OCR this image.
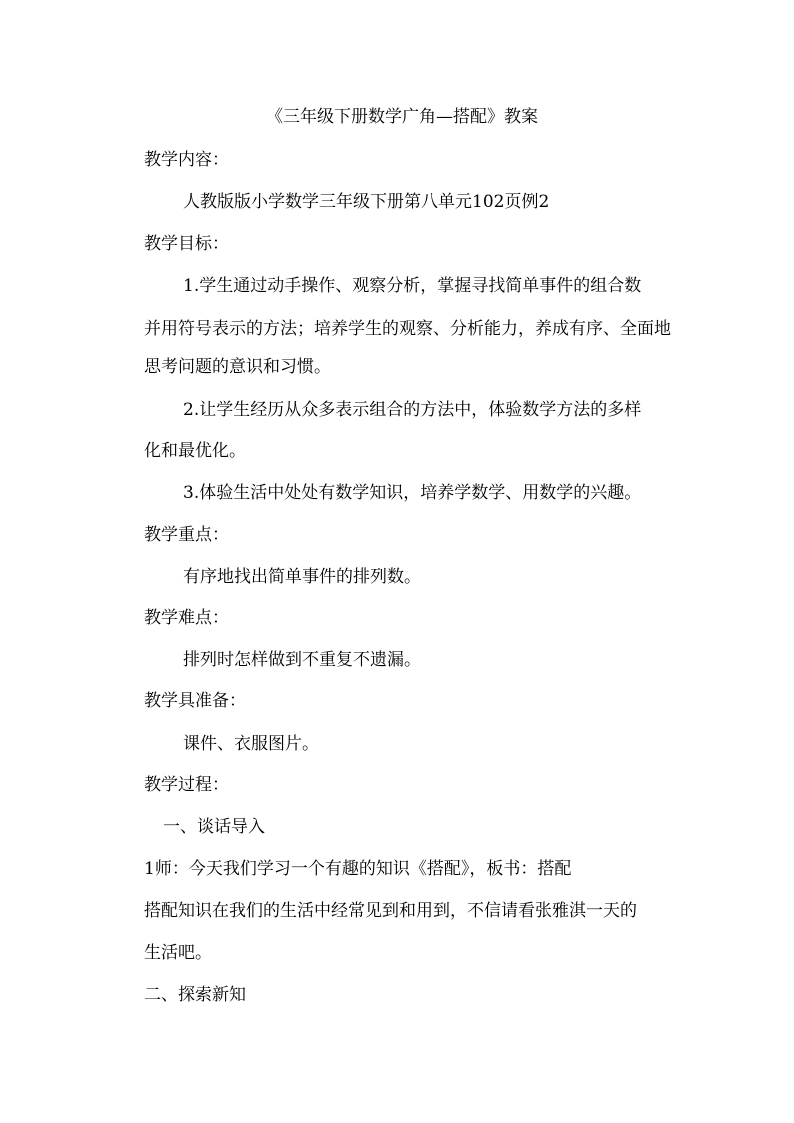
《三年级下册数学广角—搭配》教案

教学内容：

人教版版小学数学三年级下册第八单元102页例2

教学目标：

1.学生通过动手操作、观察分析，掌握寻找简单事件的组合数

并用符号表示的方法；培养学生的观察、分析能力，养成有序、全面地

思考问题的意识和习惯。

2.让学生经历从众多表示组合的方法中，体验数学方法的多样

化和最优化。

3.体验生活中处处有数学知识，培养学数学、用数学的兴趣。

教学重点：

有序地找出简单事件的排列数。

教学难点：

排列时怎样做到不重复不遗漏。

教学具准备：

课件、衣服图片。

教学过程：

一、谈话导入

1师：今天我们学习一个有趣的知识《搭配》，板书：搭配

搭配知识在我们的生活中经常见到和用到，不信请看张雅淇一天的

生活吧。

二、探索新知
